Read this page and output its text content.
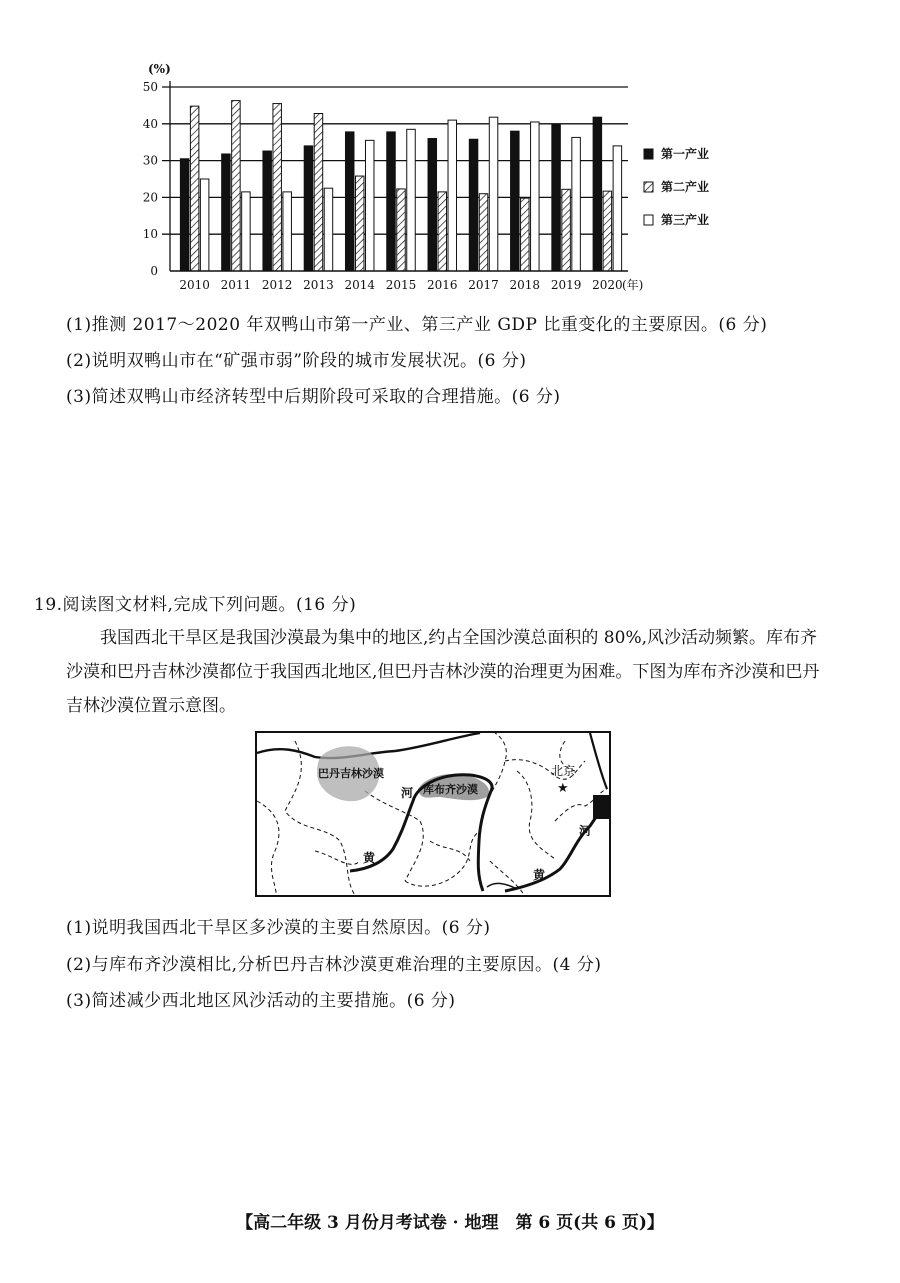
0
10
20
30
40
50
(%)
2010 2011 2012 2013 2014 2015 2016 2017 2018 2019 2020 (年)
第一产业
第二产业
第三产业
(1)推测 2017～2020 年双鸭山市第一产业、第三产业 GDP 比重变化的主要原因。(6 分)
(2)说明双鸭山市在“矿强市弱”阶段的城市发展状况。(6 分)
(3)简述双鸭山市经济转型中后期阶段可采取的合理措施。(6 分)
19.阅读图文材料,完成下列问题。(16 分)
我国西北干旱区是我国沙漠最为集中的地区,约占全国沙漠总面积的 80%,风沙活动频繁。库布齐沙漠和巴丹吉林沙漠都位于我国西北地区,但巴丹吉林沙漠的治理更为困难。下图为库布齐沙漠和巴丹吉林沙漠位置示意图。
巴丹吉林沙漠
库布齐沙漠
北京
★
河
黄
河
黄
(1)说明我国西北干旱区多沙漠的主要自然原因。(6 分)
(2)与库布齐沙漠相比,分析巴丹吉林沙漠更难治理的主要原因。(4 分)
(3)简述减少西北地区风沙活动的主要措施。(6 分)
【高二年级 3 月份月考试卷 · 地理　第 6 页(共 6 页)】
